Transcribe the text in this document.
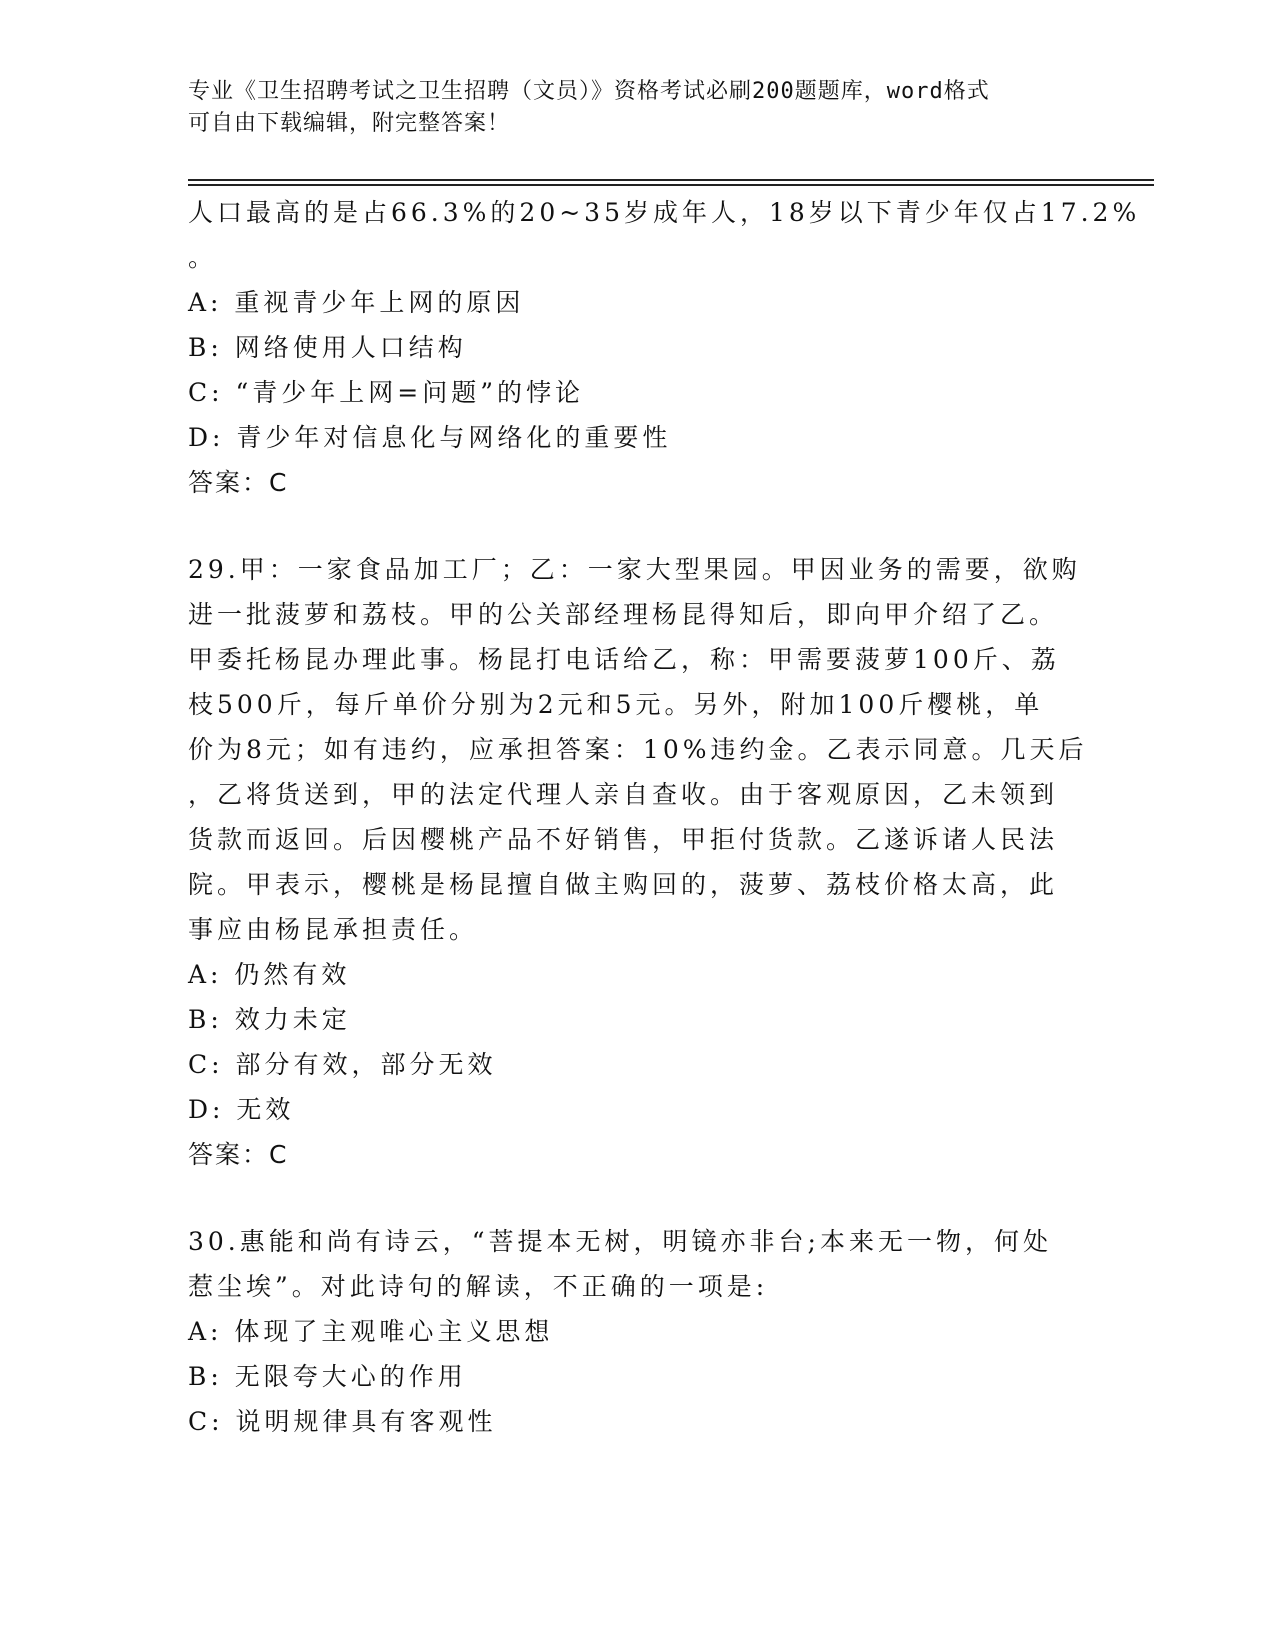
专业《卫生招聘考试之卫生招聘（文员）》资格考试必刷200题题库，word格式
可自由下载编辑，附完整答案！
人口最高的是占66.3%的20~35岁成年人，18岁以下青少年仅占17.2%
。
A: 重视青少年上网的原因
B: 网络使用人口结构
C: “青少年上网=问题”的悖论
D: 青少年对信息化与网络化的重要性
答案：C
29.甲：一家食品加工厂；乙：一家大型果园。甲因业务的需要，欲购
进一批菠萝和荔枝。甲的公关部经理杨昆得知后，即向甲介绍了乙。
甲委托杨昆办理此事。杨昆打电话给乙，称：甲需要菠萝100斤、荔
枝500斤，每斤单价分别为2元和5元。另外，附加100斤樱桃，单
价为8元；如有违约，应承担答案：10%违约金。乙表示同意。几天后
，乙将货送到，甲的法定代理人亲自查收。由于客观原因，乙未领到
货款而返回。后因樱桃产品不好销售，甲拒付货款。乙遂诉诸人民法
院。甲表示，樱桃是杨昆擅自做主购回的，菠萝、荔枝价格太高，此
事应由杨昆承担责任。
A: 仍然有效
B: 效力未定
C: 部分有效，部分无效
D: 无效
答案：C
30.惠能和尚有诗云，“菩提本无树，明镜亦非台;本来无一物，何处
惹尘埃”。对此诗句的解读，不正确的一项是:
A: 体现了主观唯心主义思想
B: 无限夸大心的作用
C: 说明规律具有客观性
